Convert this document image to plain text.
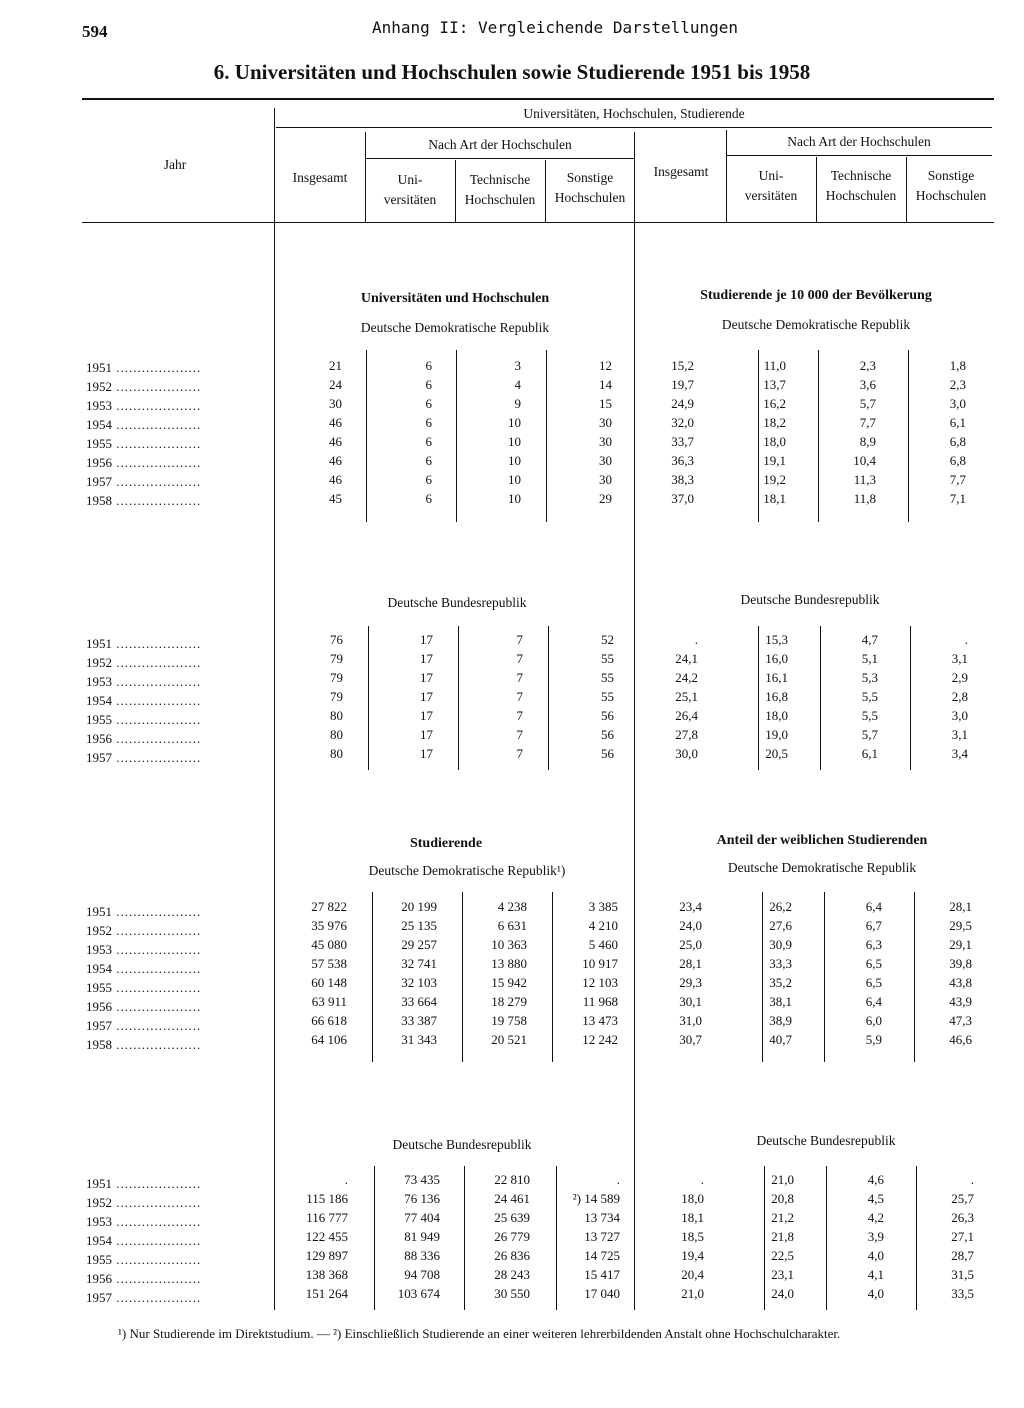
594	Anhang II: Vergleichende Darstellungen
6. Universitäten und Hochschulen sowie Studierende 1951 bis 1958
Jahr
Universitäten, Hochschulen, Studierende
Nach Art der Hochschulen	Nach Art der Hochschulen
Insgesamt	Insgesamt
Uni-
versitäten
Technische
Hochschulen
Sonstige
Hochschulen
Uni-
versitäten
Technische
Hochschulen
Sonstige
Hochschulen
Universitäten und Hochschulen	Studierende je 10 000 der Bevölkerung
Deutsche Demokratische Republik	Deutsche Demokratische Republik
Deutsche Bundesrepublik	Deutsche Bundesrepublik
Studierende	Anteil der weiblichen Studierenden
Deutsche Demokratische Republik¹)	Deutsche Demokratische Republik
Deutsche Bundesrepublik	Deutsche Bundesrepublik
1951 ....................	21	6	3	12	15,2	11,0	2,3	1,8
1952 ....................	24	6	4	14	19,7	13,7	3,6	2,3
1953 ....................	30	6	9	15	24,9	16,2	5,7	3,0
1954 ....................	46	6	10	30	32,0	18,2	7,7	6,1
1955 ....................	46	6	10	30	33,7	18,0	8,9	6,8
1956 ....................	46	6	10	30	36,3	19,1	10,4	6,8
1957 ....................	46	6	10	30	38,3	19,2	11,3	7,7
1958 ....................	45	6	10	29	37,0	18,1	11,8	7,1
1951 ....................	76	17	7	52	.	15,3	4,7	.
1952 ....................	79	17	7	55	24,1	16,0	5,1	3,1
1953 ....................	79	17	7	55	24,2	16,1	5,3	2,9
1954 ....................	79	17	7	55	25,1	16,8	5,5	2,8
1955 ....................	80	17	7	56	26,4	18,0	5,5	3,0
1956 ....................	80	17	7	56	27,8	19,0	5,7	3,1
1957 ....................	80	17	7	56	30,0	20,5	6,1	3,4
1951 ....................	27 822	20 199	4 238	3 385	23,4	26,2	6,4	28,1
1952 ....................	35 976	25 135	6 631	4 210	24,0	27,6	6,7	29,5
1953 ....................	45 080	29 257	10 363	5 460	25,0	30,9	6,3	29,1
1954 ....................	57 538	32 741	13 880	10 917	28,1	33,3	6,5	39,8
1955 ....................	60 148	32 103	15 942	12 103	29,3	35,2	6,5	43,8
1956 ....................	63 911	33 664	18 279	11 968	30,1	38,1	6,4	43,9
1957 ....................	66 618	33 387	19 758	13 473	31,0	38,9	6,0	47,3
1958 ....................	64 106	31 343	20 521	12 242	30,7	40,7	5,9	46,6
1951 ....................	.	73 435	22 810	.	.	21,0	4,6	.
1952 ....................	115 186	76 136	24 461	²) 14 589	18,0	20,8	4,5	25,7
1953 ....................	116 777	77 404	25 639	13 734	18,1	21,2	4,2	26,3
1954 ....................	122 455	81 949	26 779	13 727	18,5	21,8	3,9	27,1
1955 ....................	129 897	88 336	26 836	14 725	19,4	22,5	4,0	28,7
1956 ....................	138 368	94 708	28 243	15 417	20,4	23,1	4,1	31,5
1957 ....................	151 264	103 674	30 550	17 040	21,0	24,0	4,0	33,5
¹) Nur Studierende im Direktstudium. — ²) Einschließlich Studierende an einer weiteren lehrerbildenden Anstalt ohne Hochschulcharakter.
